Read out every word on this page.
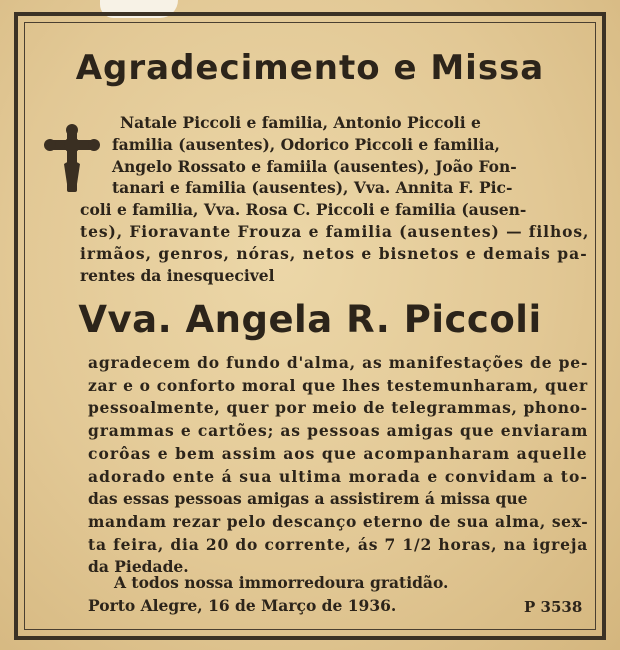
Agradecimento e Missa
Natale Piccoli e familia, Antonio Piccoli e
familia (ausentes), Odorico Piccoli e familia,
Angelo Rossato e famiila (ausentes), João Fon-
tanari e familia (ausentes), Vva. Annita F. Pic-
coli e familia, Vva. Rosa C. Piccoli e familia (ausen-
tes), Fioravante Frouza e familia (ausentes) — filhos,
irmãos, genros, nóras, netos e bisnetos e demais pa-
rentes da inesquecivel
Vva. Angela R. Piccoli
agradecem do fundo d'alma, as manifestações de pe-
zar e o conforto moral que lhes testemunharam, quer
pessoalmente, quer por meio de telegrammas, phono-
grammas e cartões; as pessoas amigas que enviaram
corôas e bem assim aos que acompanharam aquelle
adorado ente á sua ultima morada e convidam a to-
das essas pessoas amigas a assistirem á missa que
mandam rezar pelo descanço eterno de sua alma, sex-
ta feira, dia 20 do corrente, ás 7 1/2 horas, na igreja
da Piedade.
A todos nossa immorredoura gratidão.
Porto Alegre, 16 de Março de 1936.	P 3538
